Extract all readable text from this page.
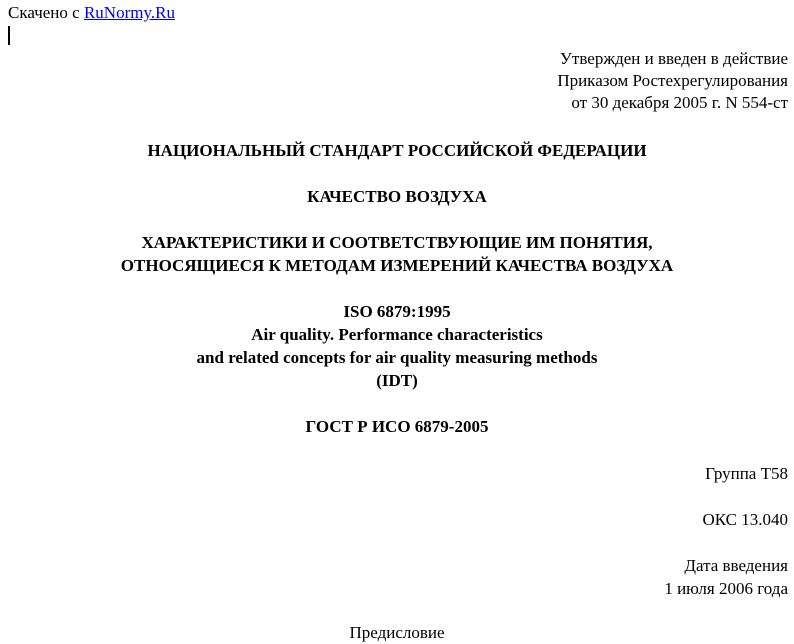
Скачено с RuNormy.Ru
Утвержден и введен в действие
Приказом Ростехрегулирования
от 30 декабря 2005 г. N 554-ст
НАЦИОНАЛЬНЫЙ СТАНДАРТ РОССИЙСКОЙ ФЕДЕРАЦИИ
КАЧЕСТВО ВОЗДУХА
ХАРАКТЕРИСТИКИ И СООТВЕТСТВУЮЩИЕ ИМ ПОНЯТИЯ,
ОТНОСЯЩИЕСЯ К МЕТОДАМ ИЗМЕРЕНИЙ КАЧЕСТВА ВОЗДУХА
ISO 6879:1995
Air quality. Performance characteristics
and related concepts for air quality measuring methods
(IDT)
ГОСТ Р ИСО 6879-2005
Группа Т58
ОКС 13.040
Дата введения
1 июля 2006 года
Предисловие
